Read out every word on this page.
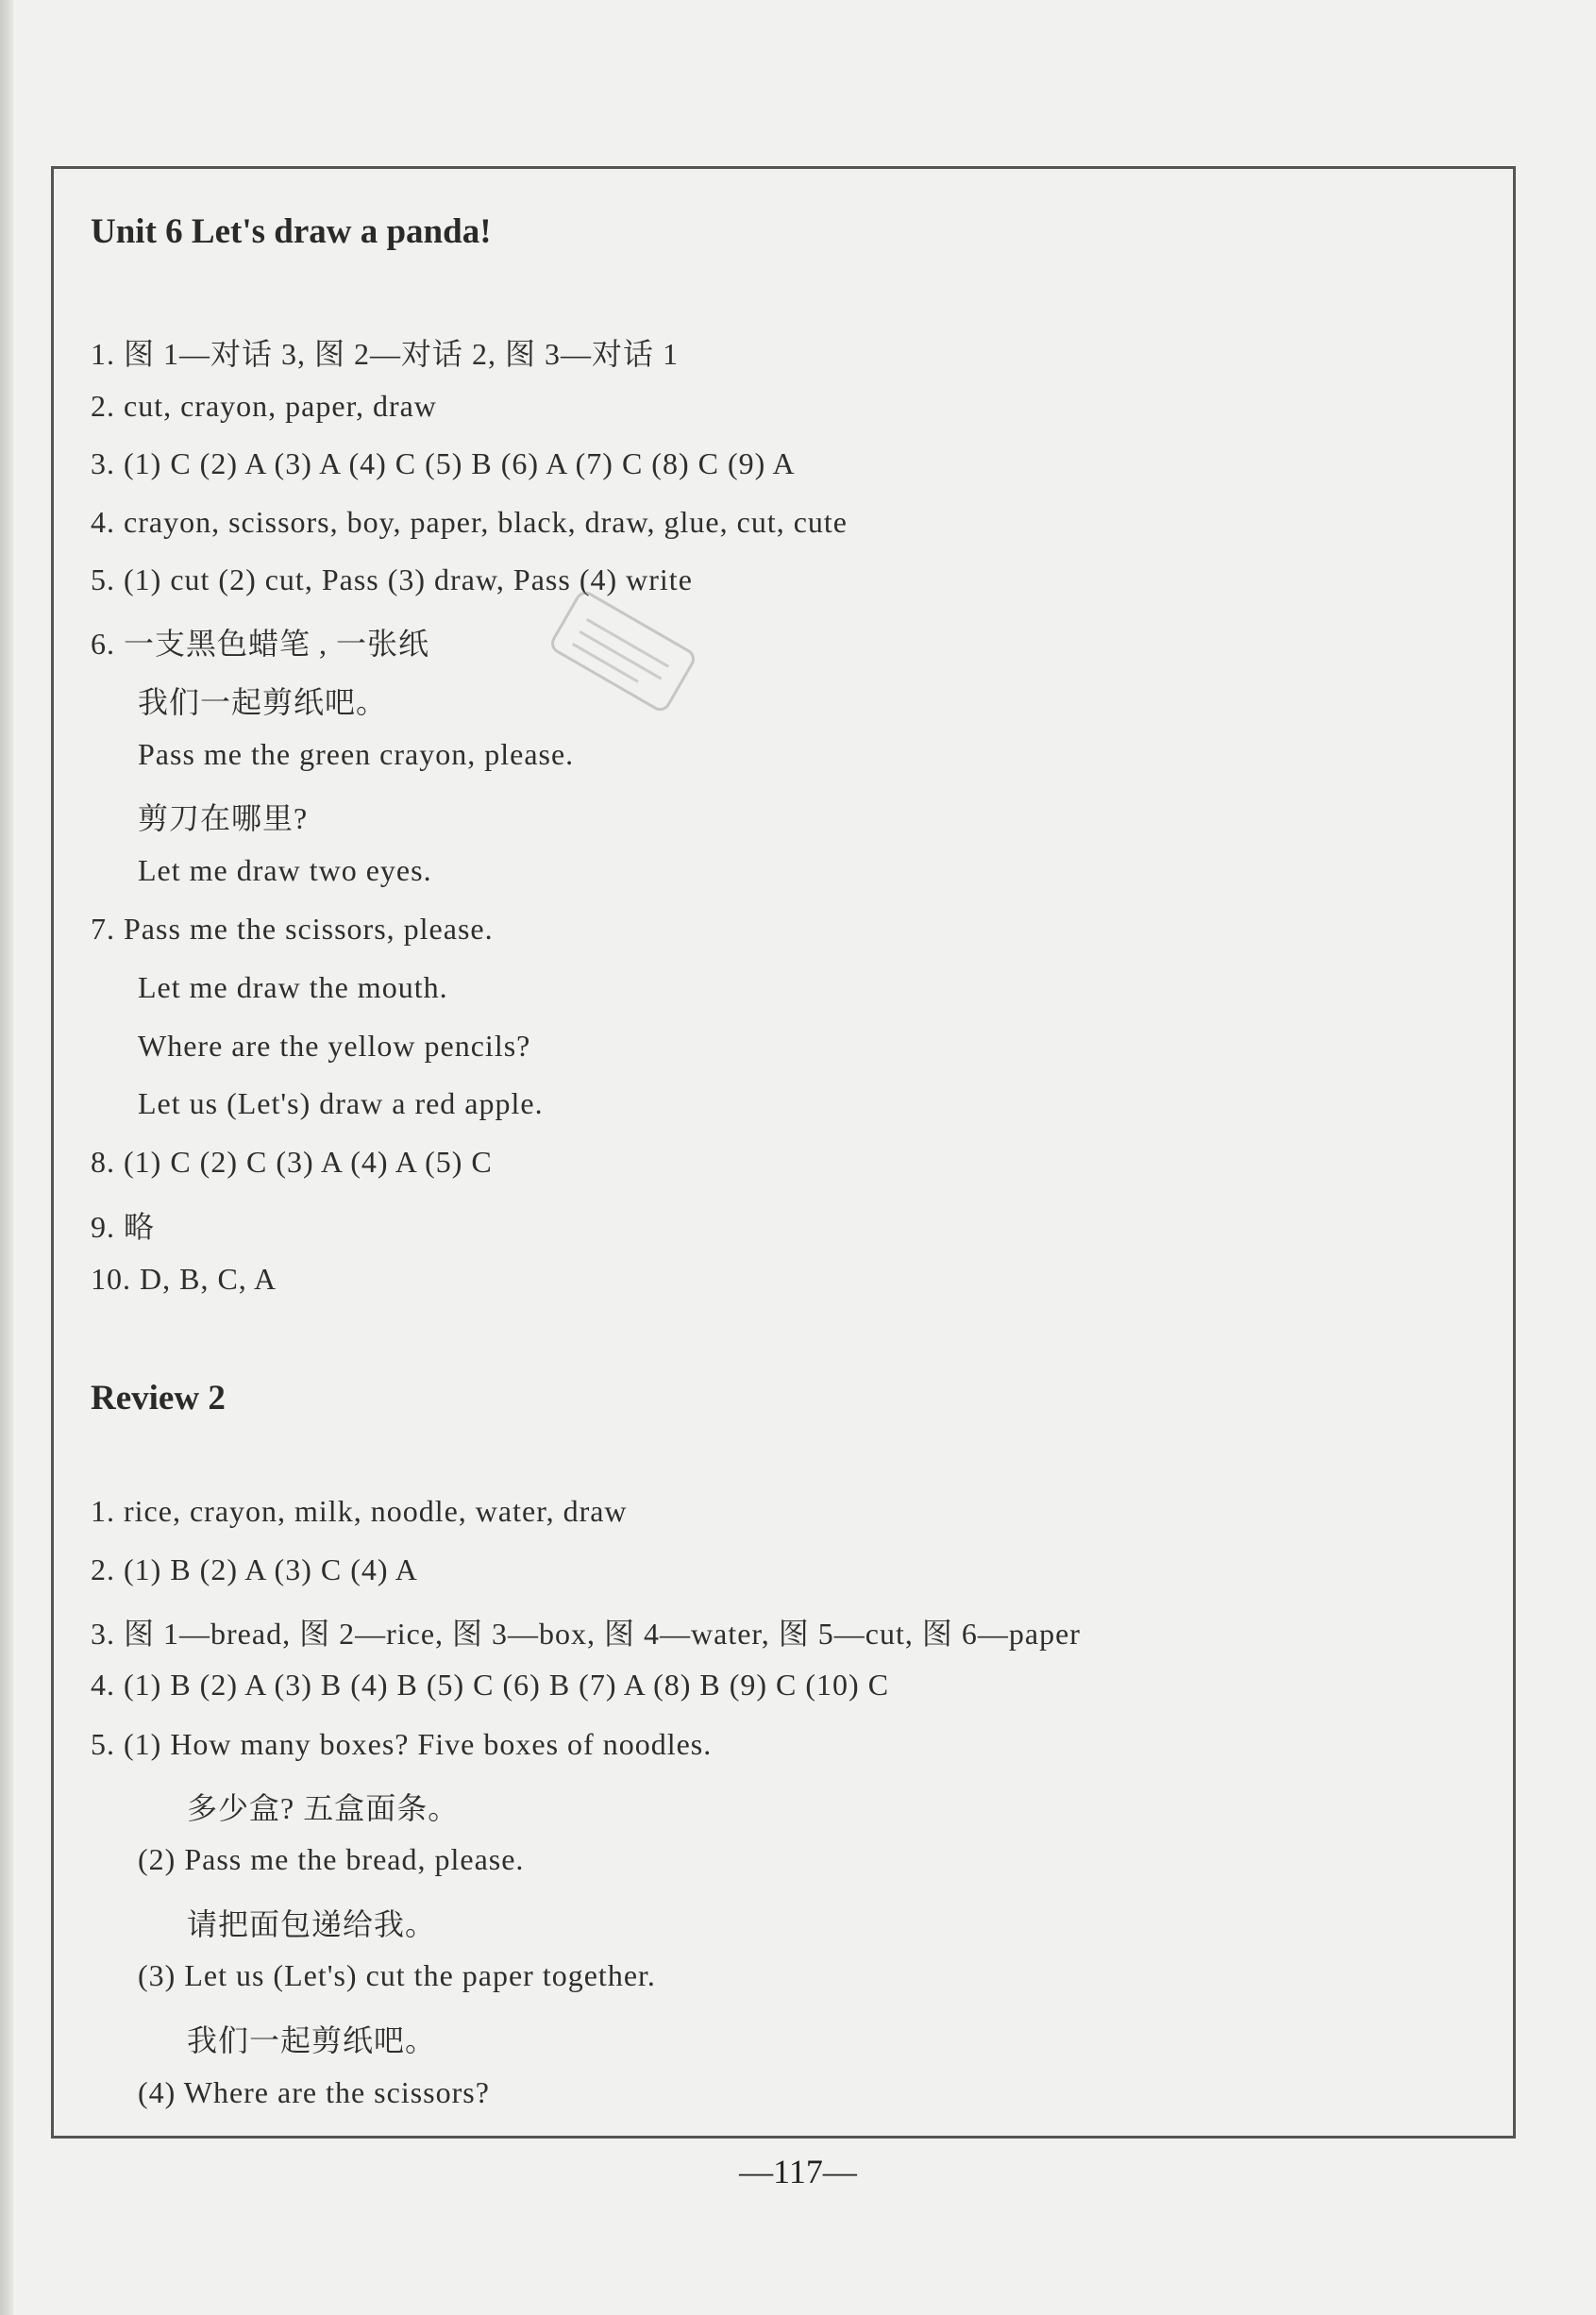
Unit 6 Let's draw a panda!
1. 图 1—对话 3, 图 2—对话 2, 图 3—对话 1
2. cut, crayon, paper, draw
3. (1) C (2) A (3) A (4) C (5) B (6) A (7) C (8) C (9) A
4. crayon, scissors, boy, paper, black, draw, glue, cut, cute
5. (1) cut (2) cut, Pass (3) draw, Pass (4) write
6. 一支黑色蜡笔 , 一张纸
我们一起剪纸吧。
Pass me the green crayon, please.
剪刀在哪里?
Let me draw two eyes.
7. Pass me the scissors, please.
Let me draw the mouth.
Where are the yellow pencils?
Let us (Let's) draw a red apple.
8. (1) C (2) C (3) A (4) A (5) C
9. 略
10. D, B, C, A
Review 2
1. rice, crayon, milk, noodle, water, draw
2. (1) B (2) A (3) C (4) A
3. 图 1—bread, 图 2—rice, 图 3—box, 图 4—water, 图 5—cut, 图 6—paper
4. (1) B (2) A (3) B (4) B (5) C (6) B (7) A (8) B (9) C (10) C
5. (1) How many boxes? Five boxes of noodles.
多少盒? 五盒面条。
(2) Pass me the bread, please.
请把面包递给我。
(3) Let us (Let's) cut the paper together.
我们一起剪纸吧。
(4) Where are the scissors?
—117—
